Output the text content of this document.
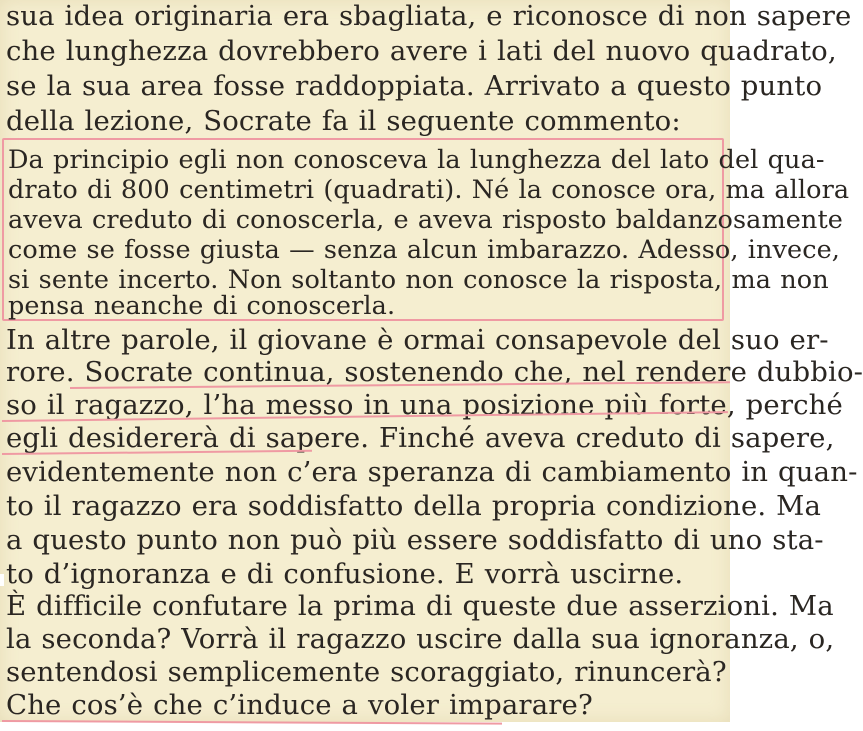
sua idea originaria era sbagliata, e riconosce di non sapere
che lunghezza dovrebbero avere i lati del nuovo quadrato,
se la sua area fosse raddoppiata. Arrivato a questo punto
della lezione, Socrate fa il seguente commento:
Da principio egli non conosceva la lunghezza del lato del qua-
drato di 800 centimetri (quadrati). Né la conosce ora, ma allora
aveva creduto di conoscerla, e aveva risposto baldanzosamente
come se fosse giusta — senza alcun imbarazzo. Adesso, invece,
si sente incerto. Non soltanto non conosce la risposta, ma non
pensa neanche di conoscerla.
In altre parole, il giovane è ormai consapevole del suo er-
rore. Socrate continua, sostenendo che, nel rendere dubbio-
so il ragazzo, l’ha messo in una posizione più forte, perché
egli desidererà di sapere. Finché aveva creduto di sapere,
evidentemente non c’era speranza di cambiamento in quan-
to il ragazzo era soddisfatto della propria condizione. Ma
a questo punto non può più essere soddisfatto di uno sta-
to d’ignoranza e di confusione. E vorrà uscirne.
È difficile confutare la prima di queste due asserzioni. Ma
la seconda? Vorrà il ragazzo uscire dalla sua ignoranza, o,
sentendosi semplicemente scoraggiato, rinuncerà?
Che cos’è che c’induce a voler imparare?
